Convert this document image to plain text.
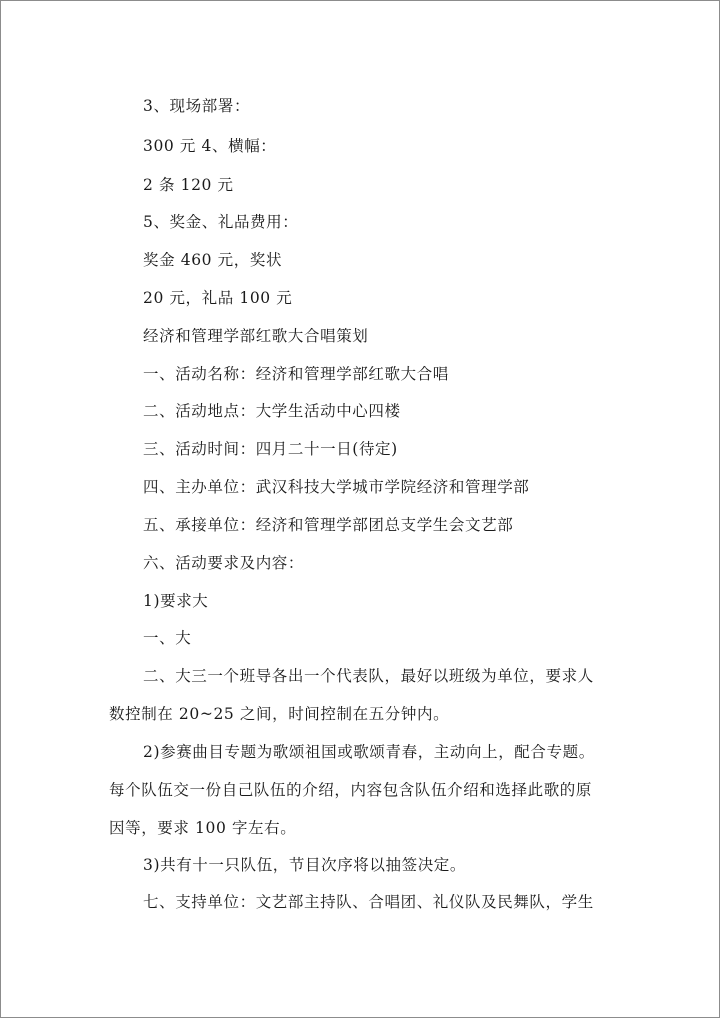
3、现场部署：
300 元 4、横幅：
2 条 120 元
5、奖金、礼品费用：
奖金 460 元，奖状
20 元，礼品 100 元
经济和管理学部红歌大合唱策划
一、活动名称：经济和管理学部红歌大合唱
二、活动地点：大学生活动中心四楼
三、活动时间：四月二十一日(待定)
四、主办单位：武汉科技大学城市学院经济和管理学部
五、承接单位：经济和管理学部团总支学生会文艺部
六、活动要求及内容：
1)要求大
一、大
二、大三一个班导各出一个代表队，最好以班级为单位，要求人
数控制在 20~25 之间，时间控制在五分钟内。
2)参赛曲目专题为歌颂祖国或歌颂青春，主动向上，配合专题。
每个队伍交一份自己队伍的介绍，内容包含队伍介绍和选择此歌的原
因等，要求 100 字左右。
3)共有十一只队伍，节目次序将以抽签决定。
七、支持单位：文艺部主持队、合唱团、礼仪队及民舞队，学生
